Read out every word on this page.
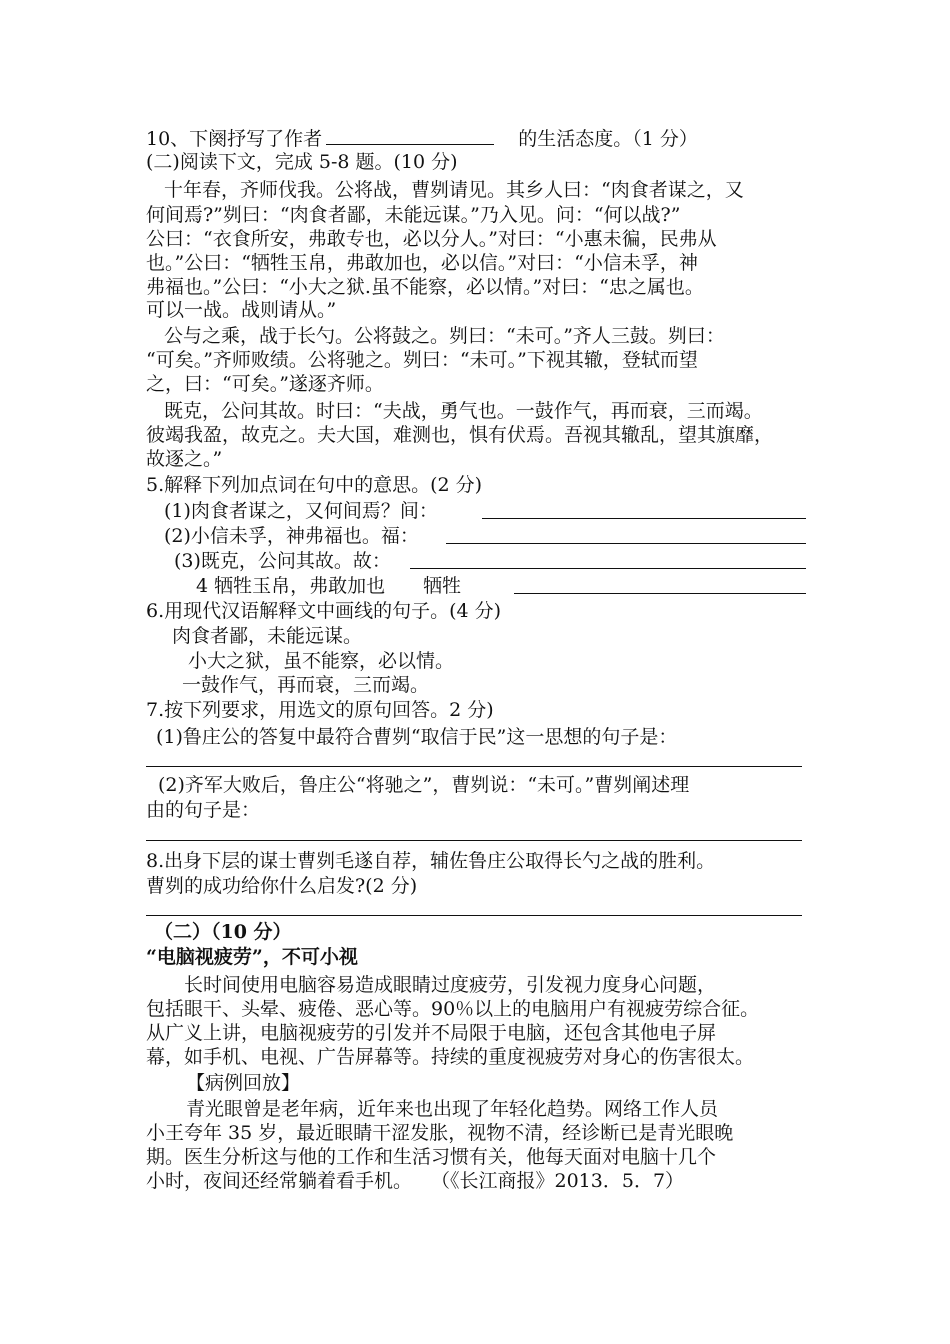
10、下阕抒写了作者	的生活态度。（1 分）
(二)阅读下文，完成 5-8 题。(10 分)
十年春，齐师伐我。公将战，曹刿请见。其乡人曰：“肉食者谋之，又
何间焉?”刿曰：“肉食者鄙，未能远谋。”乃入见。问：“何以战?”
公曰：“衣食所安，弗敢专也，必以分人。”对曰：“小惠未徧，民弗从
也。”公曰：“牺牲玉帛，弗敢加也，必以信。”对曰：“小信未孚，神
弗福也。”公曰：“小大之狱.虽不能察，必以情。”对曰：“忠之属也。
可以一战。战则请从。”
公与之乘，战于长勺。公将鼓之。刿曰：“未可。”齐人三鼓。刿曰：
“可矣。”齐师败绩。公将驰之。刿曰：“未可。”下视其辙，登轼而望
之，曰：“可矣。”遂逐齐师。
既克，公问其故。时曰：“夫战，勇气也。一鼓作气，再而衰，三而竭。
彼竭我盈，故克之。夫大国，难测也，惧有伏焉。吾视其辙乱，望其旗靡，
故逐之。”
5.解释下列加点词在句中的意思。(2 分)
(1)肉食者谋之，又何间焉？间：
(2)小信未孚，神弗福也。福：
(3)既克，公问其故。故：
4 牺牲玉帛，弗敢加也　　牺牲
6.用现代汉语解释文中画线的句子。(4 分)
肉食者鄙，未能远谋。
小大之狱，虽不能察，必以情。
一鼓作气，再而衰，三而竭。
7.按下列要求，用选文的原句回答。2 分)
(1)鲁庄公的答复中最符合曹刿“取信于民”这一思想的句子是：
(2)齐军大败后，鲁庄公“将驰之”，曹刿说：“未可。”曹刿阐述理
由的句子是：
8.出身下层的谋士曹刿毛遂自荐，辅佐鲁庄公取得长勺之战的胜利。
曹刿的成功给你什么启发?(2 分)
（二）（10 分）
“电脑视疲劳”，不可小视
长时间使用电脑容易造成眼睛过度疲劳，引发视力度身心问题，
包括眼干、头晕、疲倦、恶心等。90％以上的电脑用户有视疲劳综合征。
从广义上讲，电脑视疲劳的引发并不局限于电脑，还包含其他电子屏
幕，如手机、电视、广告屏幕等。持续的重度视疲劳对身心的伤害很太。
【病例回放】
青光眼曾是老年病，近年来也出现了年轻化趋势。网络工作人员
小王夸年 35 岁，最近眼睛干涩发胀，视物不清，经诊断已是青光眼晚
期。医生分析这与他的工作和生活习惯有关，他每天面对电脑十几个
小时，夜间还经常躺着看手机。　　（《长江商报》2013．5．7）
